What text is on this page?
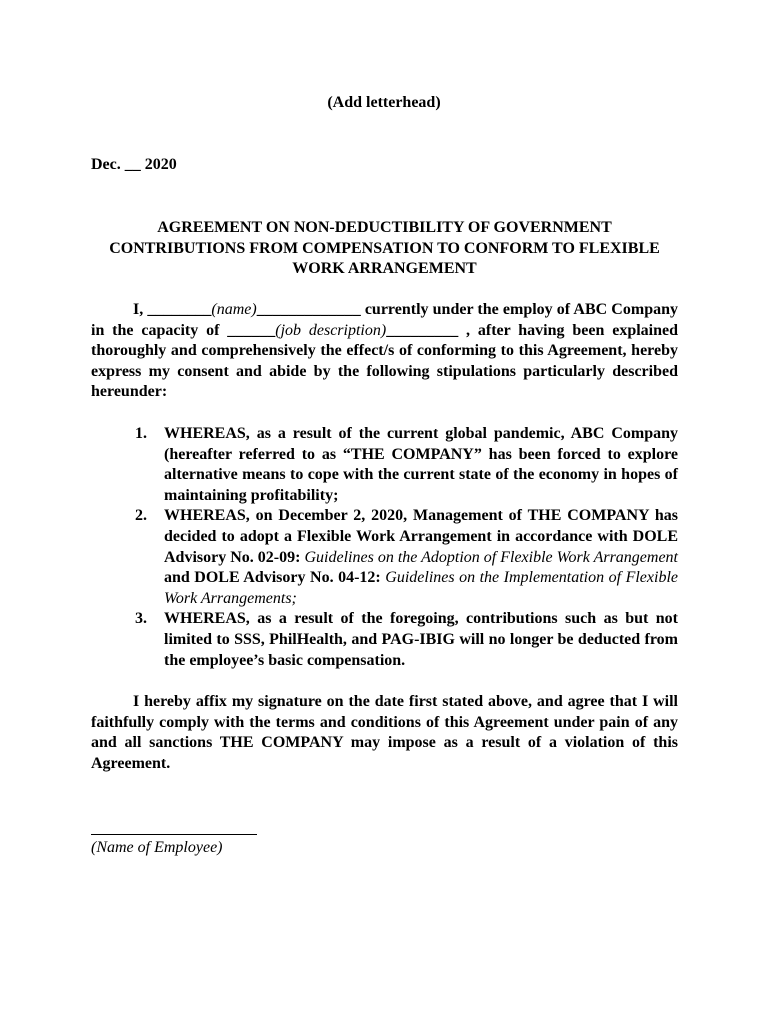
(Add letterhead)
Dec. __ 2020
AGREEMENT ON NON-DEDUCTIBILITY OF GOVERNMENT CONTRIBUTIONS FROM COMPENSATION TO CONFORM TO FLEXIBLE WORK ARRANGEMENT

I, ________(name)_____________ currently under the employ of ABC Company in the capacity of ______(job description)_________ , after having been explained thoroughly and comprehensively the effect/s of conforming to this Agreement, hereby express my consent and abide by the following stipulations particularly described hereunder:

1. WHEREAS, as a result of the current global pandemic, ABC Company (hereafter referred to as “THE COMPANY” has been forced to explore alternative means to cope with the current state of the economy in hopes of maintaining profitability;
2. WHEREAS, on December 2, 2020, Management of THE COMPANY has decided to adopt a Flexible Work Arrangement in accordance with DOLE Advisory No. 02-09: Guidelines on the Adoption of Flexible Work Arrangement and DOLE Advisory No. 04-12: Guidelines on the Implementation of Flexible Work Arrangements;
3. WHEREAS, as a result of the foregoing, contributions such as but not limited to SSS, PhilHealth, and PAG-IBIG will no longer be deducted from the employee’s basic compensation.

I hereby affix my signature on the date first stated above, and agree that I will faithfully comply with the terms and conditions of this Agreement under pain of any and all sanctions THE COMPANY may impose as a result of a violation of this Agreement.

(Name of Employee)
